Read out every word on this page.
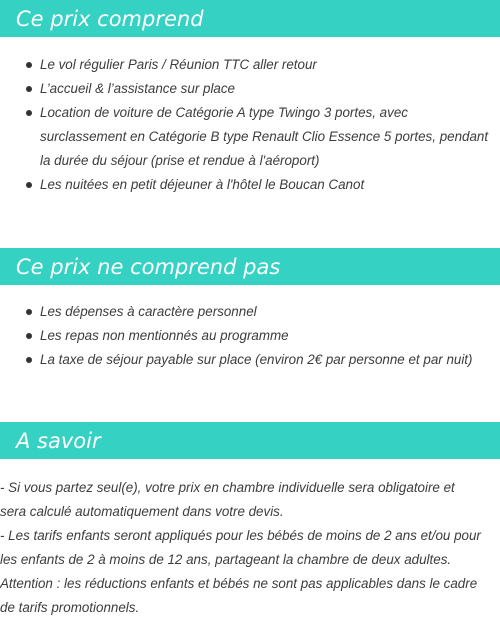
Ce prix comprend
Le vol régulier Paris / Réunion TTC aller retour
L’accueil & l’assistance sur place
Location de voiture de Catégorie A type Twingo 3 portes, avec surclassement en Catégorie B type Renault Clio Essence 5 portes, pendant la durée du séjour (prise et rendue à l'aéroport)
Les nuitées en petit déjeuner à l'hôtel le Boucan Canot
Ce prix ne comprend pas
Les dépenses à caractère personnel
Les repas non mentionnés au programme
La taxe de séjour payable sur place (environ 2€ par personne et par nuit)
A savoir
- Si vous partez seul(e), votre prix en chambre individuelle sera obligatoire et
sera calculé automatiquement dans votre devis.
- Les tarifs enfants seront appliqués pour les bébés de moins de 2 ans et/ou pour
les enfants de 2 à moins de 12 ans, partageant la chambre de deux adultes.
Attention : les réductions enfants et bébés ne sont pas applicables dans le cadre
de tarifs promotionnels.
